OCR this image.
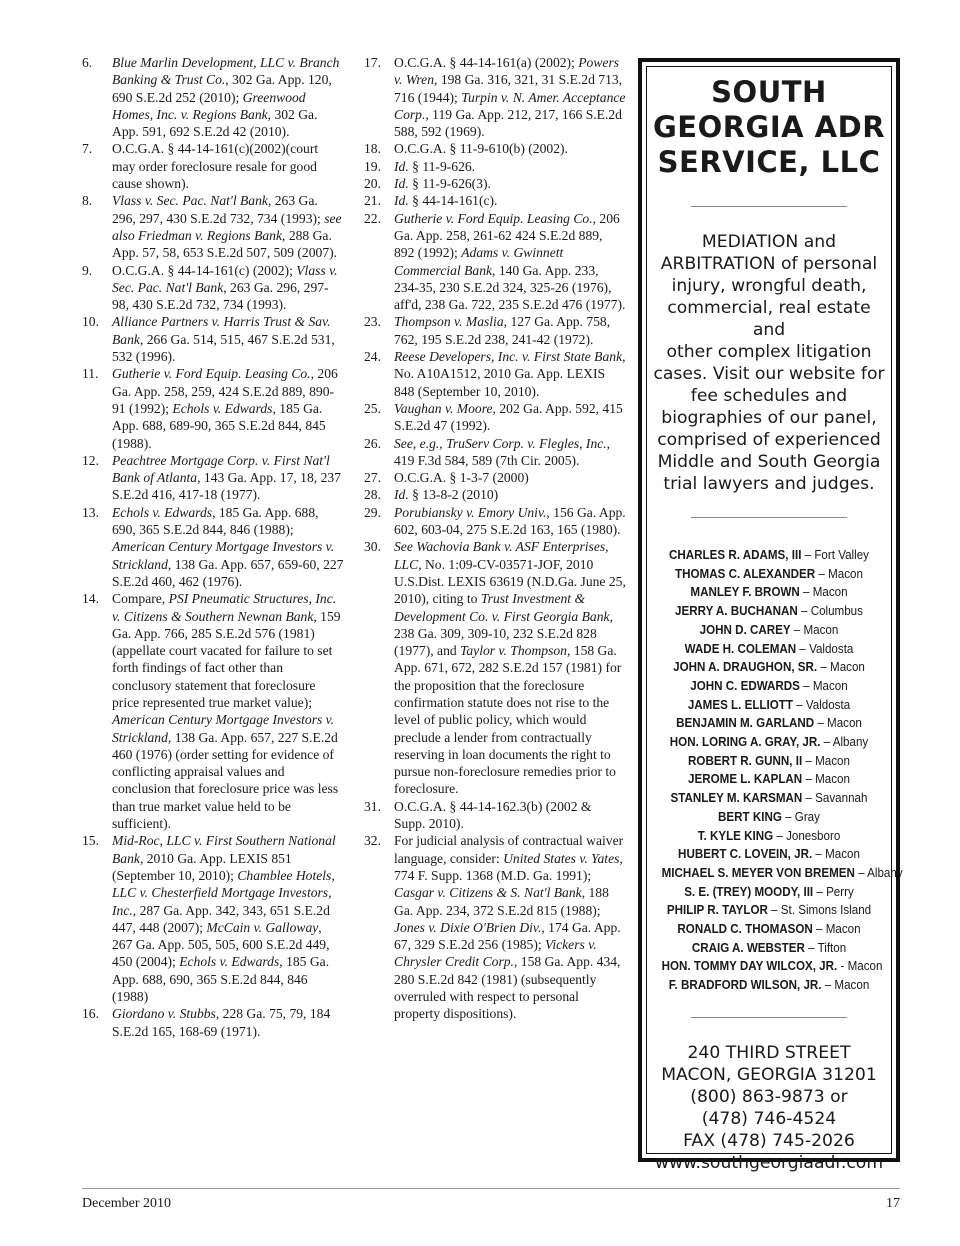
6.	Blue Marlin Development, LLC v. Branch Banking & Trust Co., 302 Ga. App. 120, 690 S.E.2d 252 (2010); Greenwood Homes, Inc. v. Regions Bank, 302 Ga. App. 591, 692 S.E.2d 42 (2010).
7.	O.C.G.A. § 44-14-161(c)(2002)(court may order foreclosure resale for good cause shown).
8.	Vlass v. Sec. Pac. Nat'l Bank, 263 Ga. 296, 297, 430 S.E.2d 732, 734 (1993); see also Friedman v. Regions Bank, 288 Ga. App. 57, 58, 653 S.E.2d 507, 509 (2007).
9.	O.C.G.A. § 44-14-161(c) (2002); Vlass v. Sec. Pac. Nat'l Bank, 263 Ga. 296, 297-98, 430 S.E.2d 732, 734 (1993).
10. Alliance Partners v. Harris Trust & Sav. Bank, 266 Ga. 514, 515, 467 S.E.2d 531, 532 (1996).
11. Gutherie v. Ford Equip. Leasing Co., 206 Ga. App. 258, 259, 424 S.E.2d 889, 890-91 (1992); Echols v. Edwards, 185 Ga. App. 688, 689-90, 365 S.E.2d 844, 845 (1988).
12. Peachtree Mortgage Corp. v. First Nat'l Bank of Atlanta, 143 Ga. App. 17, 18, 237 S.E.2d 416, 417-18 (1977).
13. Echols v. Edwards, 185 Ga. App. 688, 690, 365 S.E.2d 844, 846 (1988); American Century Mortgage Investors v. Strickland, 138 Ga. App. 657, 659-60, 227 S.E.2d 460, 462 (1976).
14. Compare, PSI Pneumatic Structures, Inc. v. Citizens & Southern Newnan Bank, 159 Ga. App. 766, 285 S.E.2d 576 (1981) (appellate court vacated for failure to set forth findings of fact other than conclusory statement that foreclosure price represented true market value); American Century Mortgage Investors v. Strickland, 138 Ga. App. 657, 227 S.E.2d 460 (1976) (order setting for evidence of conflicting appraisal values and conclusion that foreclosure price was less than true market value held to be sufficient).
15. Mid-Roc, LLC v. First Southern National Bank, 2010 Ga. App. LEXIS 851 (September 10, 2010); Chamblee Hotels, LLC v. Chesterfield Mortgage Investors, Inc., 287 Ga. App. 342, 343, 651 S.E.2d 447, 448 (2007); McCain v. Galloway, 267 Ga. App. 505, 505, 600 S.E.2d 449, 450 (2004); Echols v. Edwards, 185 Ga. App. 688, 690, 365 S.E.2d 844, 846 (1988)
16. Giordano v. Stubbs, 228 Ga. 75, 79, 184 S.E.2d 165, 168-69 (1971).
17. O.C.G.A. § 44-14-161(a) (2002); Powers v. Wren, 198 Ga. 316, 321, 31 S.E.2d 713, 716 (1944); Turpin v. N. Amer. Acceptance Corp., 119 Ga. App. 212, 217, 166 S.E.2d 588, 592 (1969).
18. O.C.G.A. § 11-9-610(b) (2002).
19. Id. § 11-9-626.
20. Id. § 11-9-626(3).
21. Id. § 44-14-161(c).
22. Gutherie v. Ford Equip. Leasing Co., 206 Ga. App. 258, 261-62 424 S.E.2d 889, 892 (1992); Adams v. Gwinnett Commercial Bank, 140 Ga. App. 233, 234-35, 230 S.E.2d 324, 325-26 (1976), aff'd, 238 Ga. 722, 235 S.E.2d 476 (1977).
23. Thompson v. Maslia, 127 Ga. App. 758, 762, 195 S.E.2d 238, 241-42 (1972).
24. Reese Developers, Inc. v. First State Bank, No. A10A1512, 2010 Ga. App. LEXIS 848 (September 10, 2010).
25. Vaughan v. Moore, 202 Ga. App. 592, 415 S.E.2d 47 (1992).
26. See, e.g., TruServ Corp. v. Flegles, Inc., 419 F.3d 584, 589 (7th Cir. 2005).
27. O.C.G.A. § 1-3-7 (2000)
28. Id. § 13-8-2 (2010)
29. Porubiansky v. Emory Univ., 156 Ga. App. 602, 603-04, 275 S.E.2d 163, 165 (1980).
30. See Wachovia Bank v. ASF Enterprises, LLC, No. 1:09-CV-03571-JOF, 2010 U.S.Dist. LEXIS 63619 (N.D.Ga. June 25, 2010), citing to Trust Investment & Development Co. v. First Georgia Bank, 238 Ga. 309, 309-10, 232 S.E.2d 828 (1977), and Taylor v. Thompson, 158 Ga. App. 671, 672, 282 S.E.2d 157 (1981) for the proposition that the foreclosure confirmation statute does not rise to the level of public policy, which would preclude a lender from contractually reserving in loan documents the right to pursue non-foreclosure remedies prior to foreclosure.
31. O.C.G.A. § 44-14-162.3(b) (2002 & Supp. 2010).
32. For judicial analysis of contractual waiver language, consider: United States v. Yates, 774 F. Supp. 1368 (M.D. Ga. 1991); Casgar v. Citizens & S. Nat'l Bank, 188 Ga. App. 234, 372 S.E.2d 815 (1988); Jones v. Dixie O'Brien Div., 174 Ga. App. 67, 329 S.E.2d 256 (1985); Vickers v. Chrysler Credit Corp., 158 Ga. App. 434, 280 S.E.2d 842 (1981) (subsequently overruled with respect to personal property dispositions).
SOUTH
GEORGIA ADR
SERVICE, LLC
MEDIATION and
ARBITRATION of personal
injury, wrongful death,
commercial, real estate and
other complex litigation
cases. Visit our website for
fee schedules and
biographies of our panel,
comprised of experienced
Middle and South Georgia
trial lawyers and judges.
CHARLES R. ADAMS, III – Fort Valley
THOMAS C. ALEXANDER – Macon
MANLEY F. BROWN – Macon
JERRY A. BUCHANAN – Columbus
JOHN D. CAREY – Macon
WADE H. COLEMAN – Valdosta
JOHN A. DRAUGHON, SR. – Macon
JOHN C. EDWARDS – Macon
JAMES L. ELLIOTT – Valdosta
BENJAMIN M. GARLAND – Macon
HON. LORING A. GRAY, JR. – Albany
ROBERT R. GUNN, II – Macon
JEROME L. KAPLAN – Macon
STANLEY M. KARSMAN – Savannah
BERT KING – Gray
T. KYLE KING – Jonesboro
HUBERT C. LOVEIN, JR. – Macon
MICHAEL S. MEYER VON BREMEN – Albany
S. E. (TREY) MOODY, III – Perry
PHILIP R. TAYLOR – St. Simons Island
RONALD C. THOMASON – Macon
CRAIG A. WEBSTER – Tifton
HON. TOMMY DAY WILCOX, JR. - Macon
F. BRADFORD WILSON, JR. – Macon
240 THIRD STREET
MACON, GEORGIA 31201
(800) 863-9873 or
(478) 746-4524
FAX (478) 745-2026
www.southgeorgiaadr.com
December 2010	17
